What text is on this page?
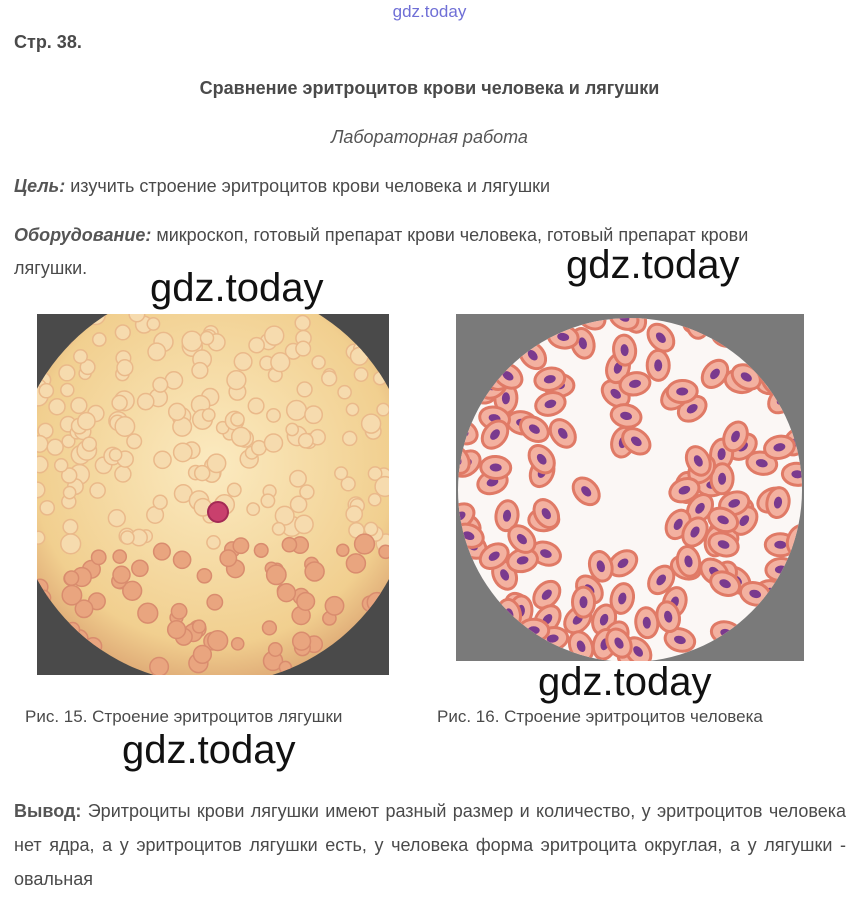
gdz.today
Стр. 38.
Сравнение эритроцитов крови человека и лягушки
Лабораторная работа
Цель: изучить строение эритроцитов крови человека и лягушки
Оборудование: микроскоп, готовый препарат крови человека, готовый препарат крови
лягушки.	gdz.today
gdz.today
gdz.today
Рис. 15. Строение эритроцитов лягушки	Рис. 16. Строение эритроцитов человека
gdz.today
Вывод: Эритроциты крови лягушки имеют разный размер и количество, у эритроцитов человека нет ядра, а у эритроцитов лягушки есть, у человека форма эритроцита округлая, а у лягушки - овальная
